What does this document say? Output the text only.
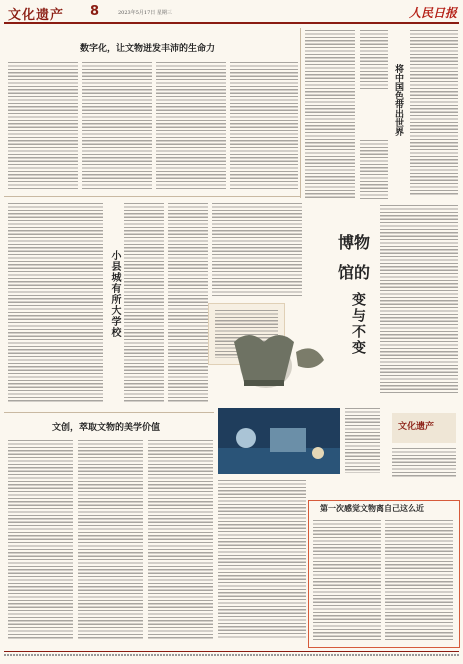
文化遗产 8	2023年5月17日 星期三	人民日报
数字化，让文物迸发丰沛的生命力
将中国色带出世界
小县城有所大学校
博物
馆的
变与不变
文化遗产
文创，萃取文物的美学价值
第一次感觉文物离自己这么近
